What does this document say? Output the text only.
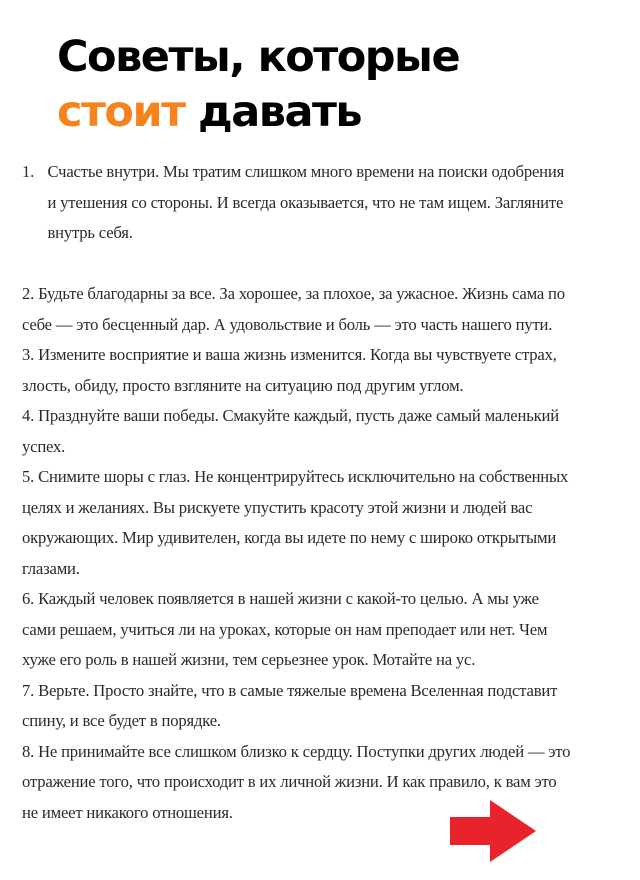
Советы, которые
стоит давать
1. Счастье внутри. Мы тратим слишком много времени на поиски одобрения и утешения со стороны. И всегда оказывается, что не там ищем. Загляните внутрь себя.

2. Будьте благодарны за все. За хорошее, за плохое, за ужасное. Жизнь сама по себе — это бесценный дар. А удовольствие и боль — это часть нашего пути.

3. Измените восприятие и ваша жизнь изменится. Когда вы чувствуете страх, злость, обиду, просто взгляните на ситуацию под другим углом.

4. Празднуйте ваши победы. Смакуйте каждый, пусть даже самый маленький успех.

5. Снимите шоры с глаз. Не концентрируйтесь исключительно на собственных целях и желаниях. Вы рискуете упустить красоту этой жизни и людей вас окружающих. Мир удивителен, когда вы идете по нему с широко открытыми глазами.

6. Каждый человек появляется в нашей жизни с какой-то целью. А мы уже сами решаем, учиться ли на уроках, которые он нам преподает или нет. Чем хуже его роль в нашей жизни, тем серьезнее урок. Мотайте на ус.

7. Верьте. Просто знайте, что в самые тяжелые времена Вселенная подставит спину, и все будет в порядке.

8. Не принимайте все слишком близко к сердцу. Поступки других людей — это отражение того, что происходит в их личной жизни. И как правило, к вам это не имеет никакого отношения.
